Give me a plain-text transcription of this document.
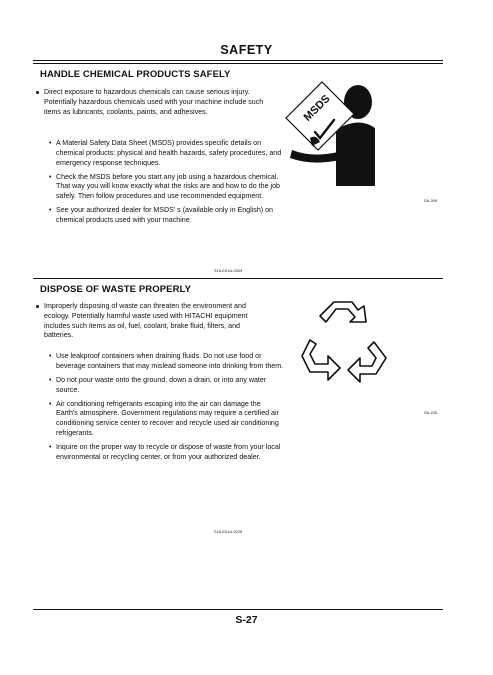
SAFETY
HANDLE CHEMICAL PRODUCTS SAFELY
Direct exposure to hazardous chemicals can cause serious injury. Potentially hazardous chemicals used with your machine include such items as lubricants, coolants, paints, and adhesives.
• A Material Safety Data Sheet (MSDS) provides specific details on chemical products: physical and health hazards, safety procedures, and emergency response techniques.
• Check the MSDS before you start any job using a hazardous chemical. That way you will know exactly what the risks are and how to do the job safely. Then follow procedures and use recommended equipment.
• See your authorized dealer for MSDS’ s (available only in English) on chemical products used with your machine.
MSDS
SA-309
S16-E01A-0309
DISPOSE OF WASTE PROPERLY
Improperly disposing of waste can threaten the environment and ecology. Potentially harmful waste used with HITACHI equipment includes such items as oil, fuel, coolant, brake fluid, filters, and batteries.
• Use leakproof containers when draining fluids. Do not use food or beverage containers that may mislead someone into drinking from them.
• Do not pour waste onto the ground, down a drain, or into any water source.
• Air conditioning refrigerants escaping into the air can damage the Earth's atmosphere. Government regulations may require a certified air conditioning service center to recover and recycle used air conditioning refrigerants.
• Inquire on the proper way to recycle or dispose of waste from your local environmental or recycling center, or from your authorized dealer.
SA-226
S16-E01A-0226
S-27
